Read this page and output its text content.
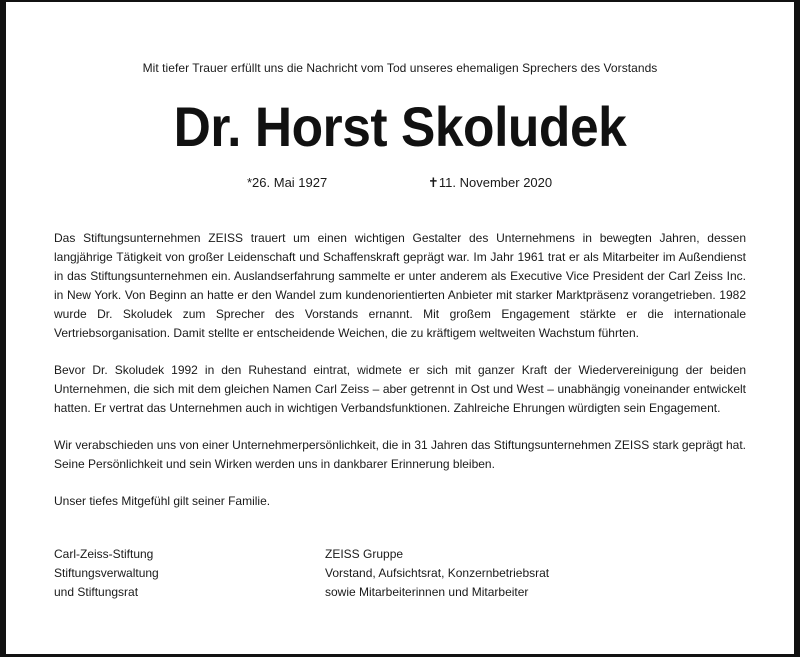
Mit tiefer Trauer erfüllt uns die Nachricht vom Tod unseres ehemaligen Sprechers des Vorstands
Dr. Horst Skoludek
*26. Mai 1927	✝11. November 2020

Das Stiftungsunternehmen ZEISS trauert um einen wichtigen Gestalter des Unternehmens in bewegten Jahren, dessen langjährige Tätigkeit von großer Leidenschaft und Schaffenskraft geprägt war. Im Jahr 1961 trat er als Mitarbeiter im Außendienst in das Stiftungsunternehmen ein. Auslandserfahrung sammelte er unter anderem als Executive Vice President der Carl Zeiss Inc. in New York. Von Beginn an hatte er den Wandel zum kundenorientierten Anbieter mit starker Marktpräsenz vorangetrieben. 1982 wurde Dr. Skoludek zum Sprecher des Vorstands ernannt. Mit großem Engagement stärkte er die internationale Vertriebsorganisation. Damit stellte er entscheidende Weichen, die zu kräftigem weltweiten Wachstum führten.

Bevor Dr. Skoludek 1992 in den Ruhestand eintrat, widmete er sich mit ganzer Kraft der Wiedervereinigung der beiden Unternehmen, die sich mit dem gleichen Namen Carl Zeiss – aber getrennt in Ost und West – unabhängig voneinander entwickelt hatten. Er vertrat das Unternehmen auch in wichtigen Verbandsfunktionen. Zahlreiche Ehrungen würdigten sein Engagement.

Wir verabschieden uns von einer Unternehmerpersönlichkeit, die in 31 Jahren das Stiftungsunternehmen ZEISS stark geprägt hat. Seine Persönlichkeit und sein Wirken werden uns in dankbarer Erinnerung bleiben.

Unser tiefes Mitgefühl gilt seiner Familie.

Carl-Zeiss-Stiftung
Stiftungsverwaltung
und Stiftungsrat
ZEISS Gruppe
Vorstand, Aufsichtsrat, Konzernbetriebsrat
sowie Mitarbeiterinnen und Mitarbeiter
